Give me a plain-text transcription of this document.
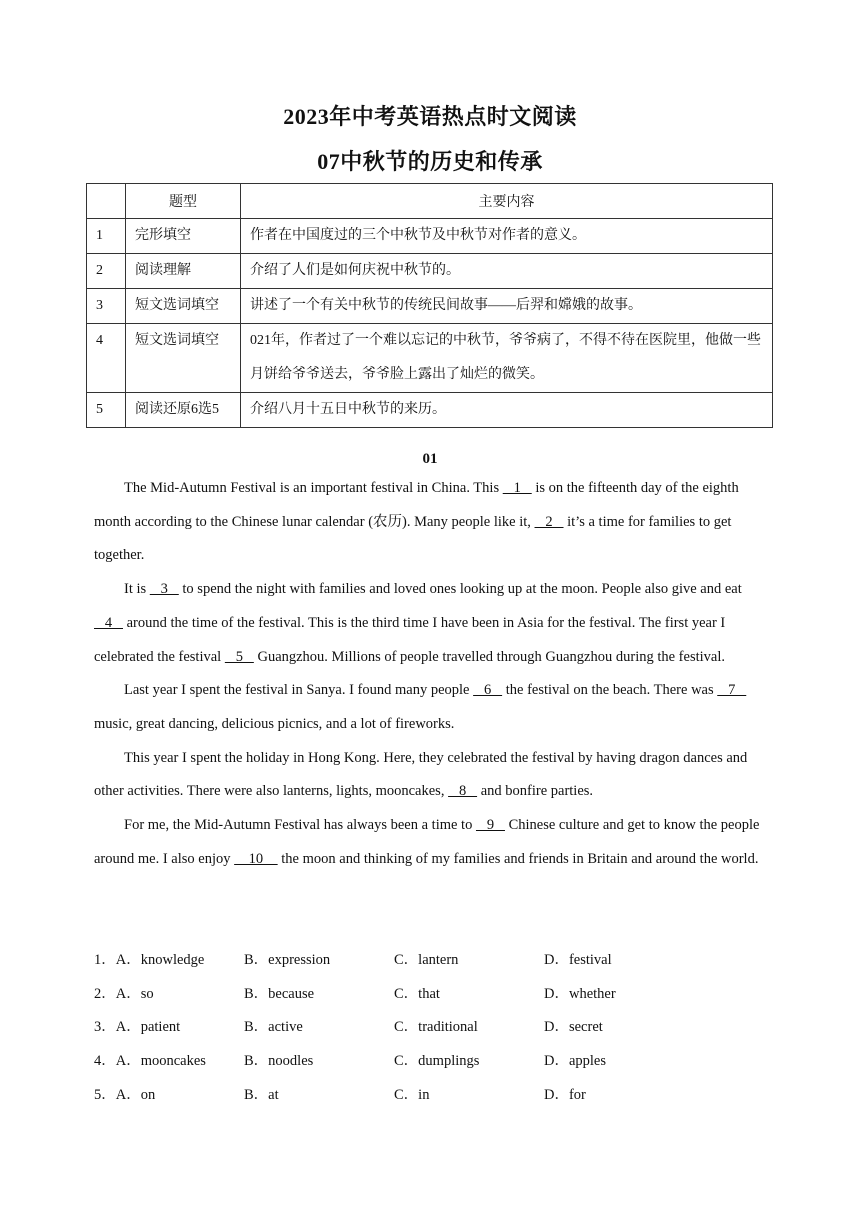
2023年中考英语热点时文阅读
07中秋节的历史和传承
	题型	主要内容
1	完形填空	作者在中国度过的三个中秋节及中秋节对作者的意义。
2	阅读理解	介绍了人们是如何庆祝中秋节的。
3	短文选词填空	讲述了一个有关中秋节的传统民间故事——后羿和嫦娥的故事。
4	短文选词填空	021年，作者过了一个难以忘记的中秋节，爷爷病了，不得不待在医院里，他做一些月饼给爷爷送去，爷爷脸上露出了灿烂的微笑。
5	阅读还原6选5	介绍八月十五日中秋节的来历。
01

The Mid-Autumn Festival is an important festival in China. This    1    is on the fifteenth day of the eighth month according to the Chinese lunar calendar (农历). Many people like it,    2    it’s a time for families to get together.

It is    3    to spend the night with families and loved ones looking up at the moon. People also give and eat    4    around the time of the festival. This is the third time I have been in Asia for the festival. The first year I celebrated the festival    5    Guangzhou. Millions of people travelled through Guangzhou during the festival.

Last year I spent the festival in Sanya. I found many people    6    the festival on the beach. There was    7    music, great dancing, delicious picnics, and a lot of fireworks.

This year I spent the holiday in Hong Kong. Here, they celebrated the festival by having dragon dances and other activities. There were also lanterns, lights, mooncakes,    8    and bonfire parties.

For me, the Mid-Autumn Festival has always been a time to    9    Chinese culture and get to know the people around me. I also enjoy     10     the moon and thinking of my families and friends in Britain and around the world.

1．A．knowledge	B．expression	C．lantern	D．festival
2．A．so	B．because	C．that	D．whether
3．A．patient	B．active	C．traditional	D．secret
4．A．mooncakes	B．noodles	C．dumplings	D．apples
5．A．on	B．at	C．in	D．for
